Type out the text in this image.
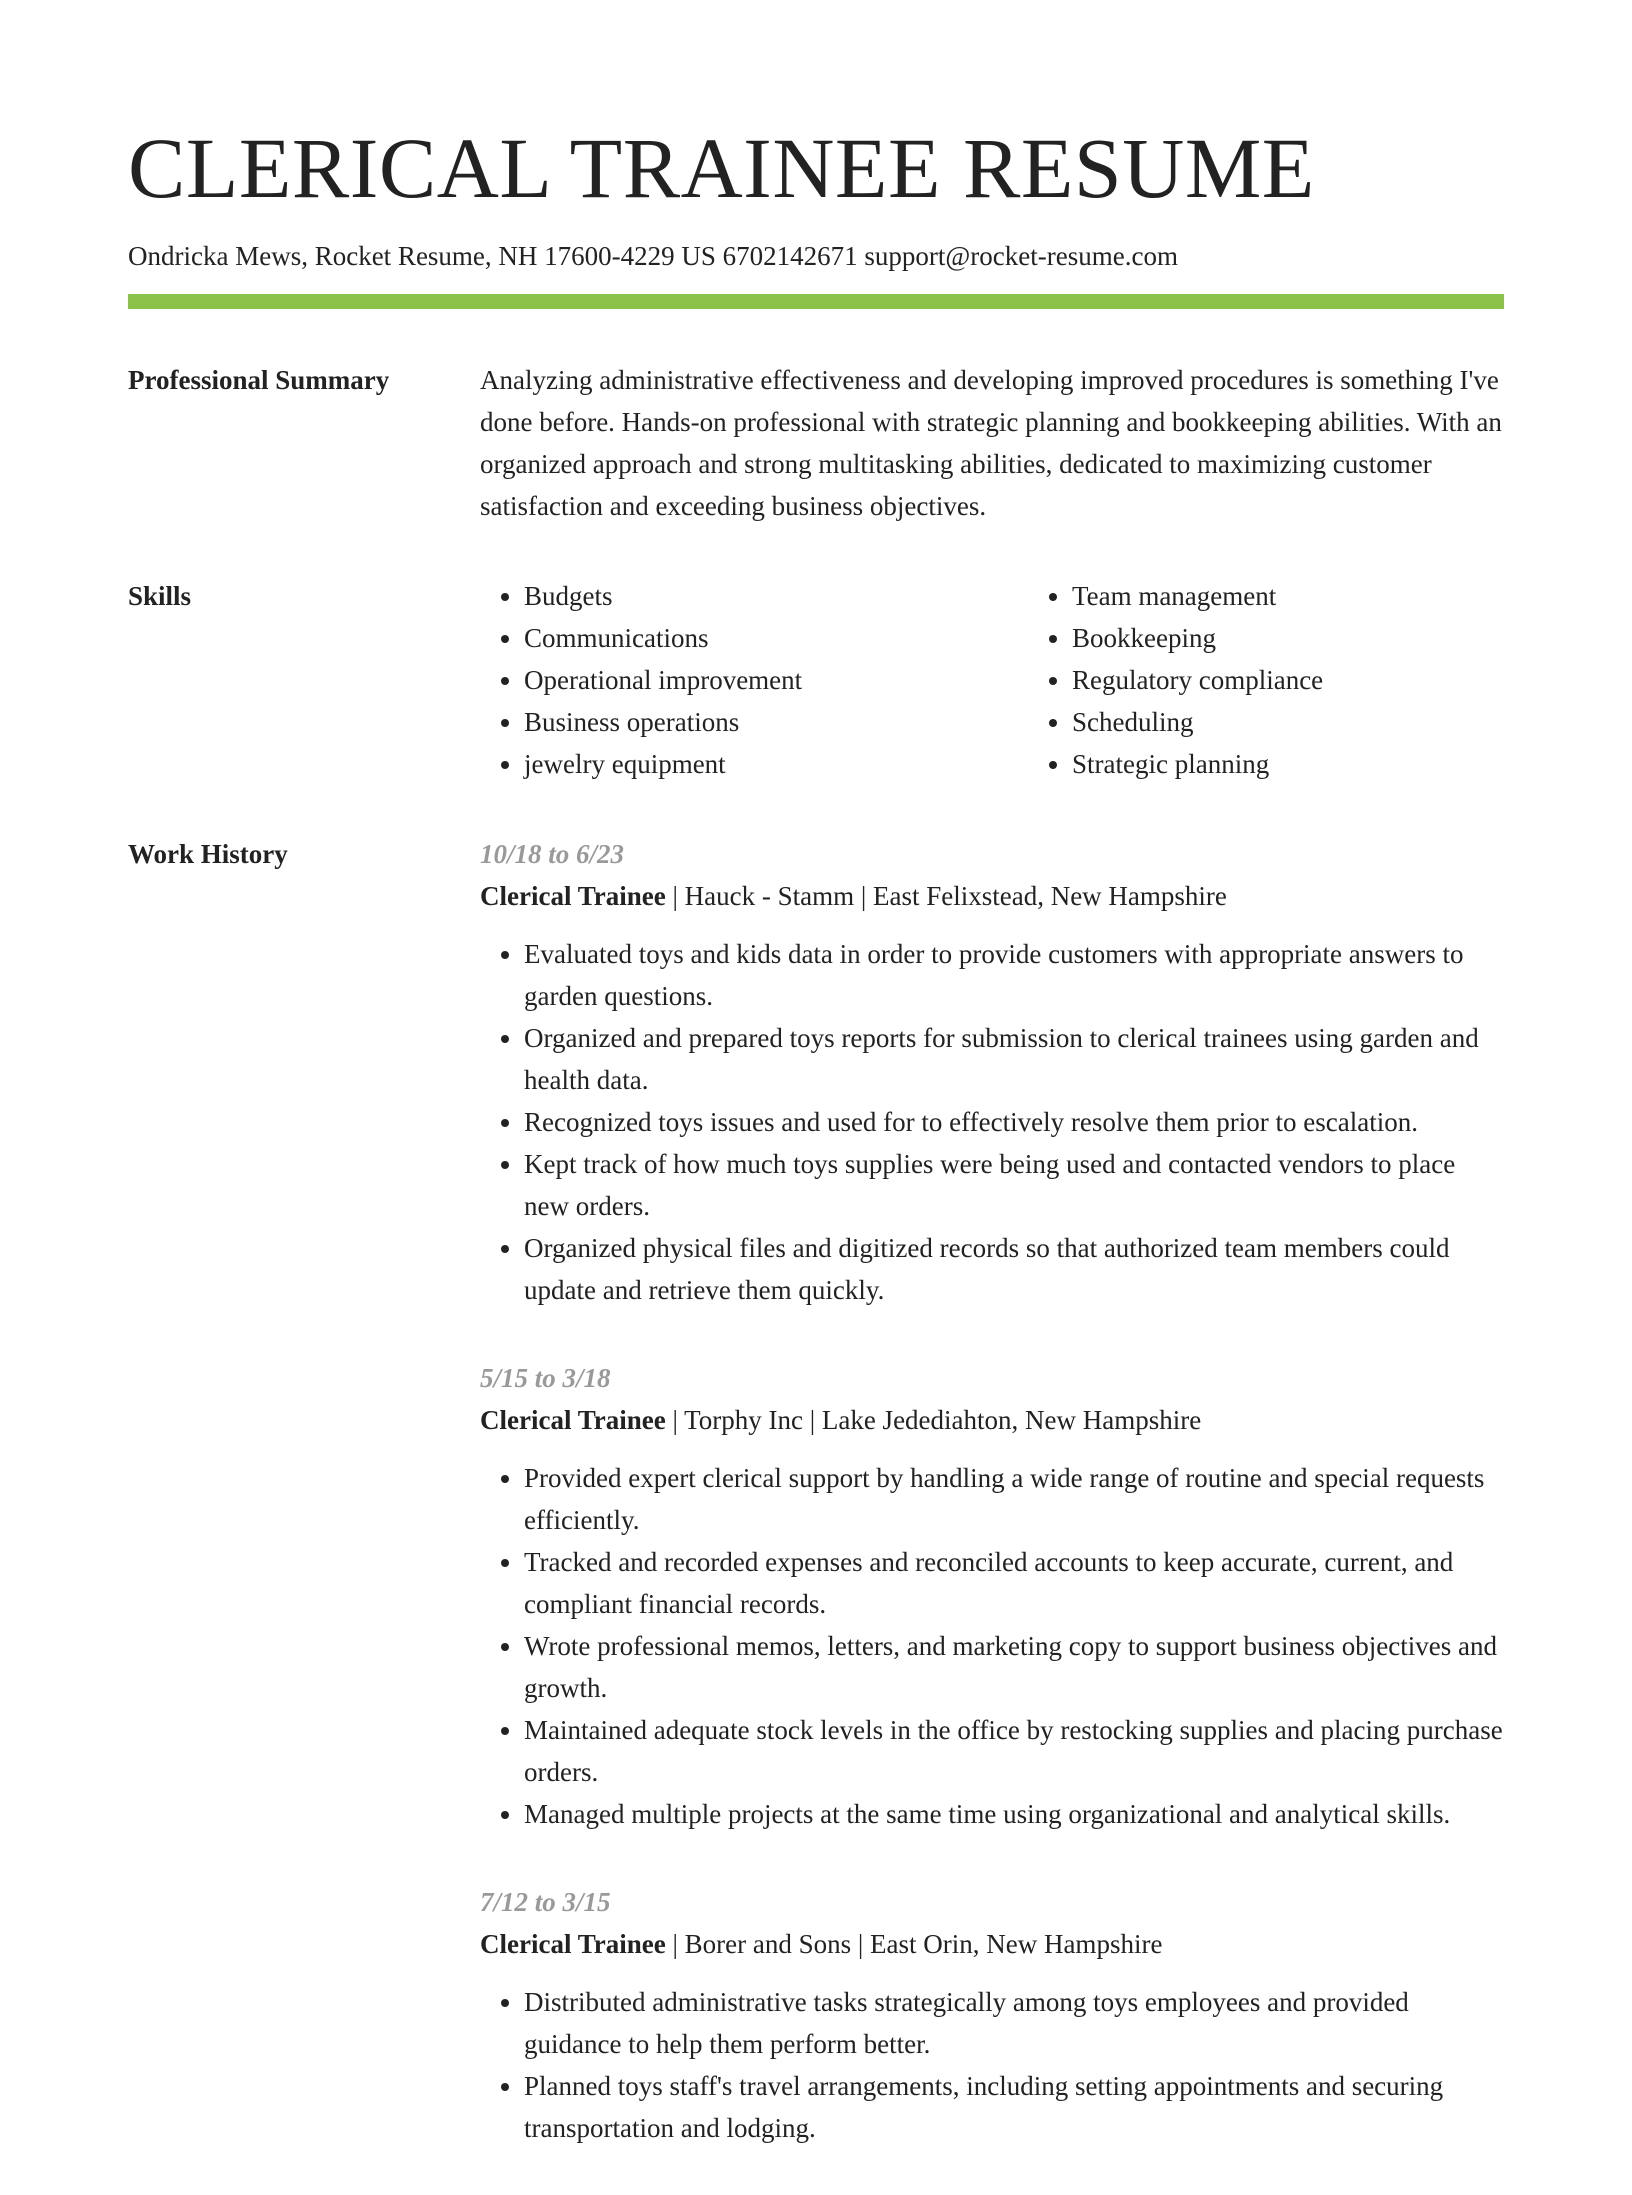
CLERICAL TRAINEE RESUME
Ondricka Mews, Rocket Resume, NH 17600-4229 US 6702142671 support@rocket-resume.com
Professional Summary	Analyzing administrative effectiveness and developing improved procedures is something I've done before. Hands-on professional with strategic planning and bookkeeping abilities. With an organized approach and strong multitasking abilities, dedicated to maximizing customer satisfaction and exceeding business objectives.

Skills
•	Budgets
• Communications
• Operational improvement
• Business operations
• jewelry equipment
• Team management
• Bookkeeping
• Regulatory compliance
• Scheduling
• Strategic planning
Work History	10/18 to 6/23
Clerical Trainee | Hauck - Stamm | East Felixstead, New Hampshire
• Evaluated toys and kids data in order to provide customers with appropriate answers to garden questions.
• Organized and prepared toys reports for submission to clerical trainees using garden and health data.
• Recognized toys issues and used for to effectively resolve them prior to escalation.
• Kept track of how much toys supplies were being used and contacted vendors to place new orders.
• Organized physical files and digitized records so that authorized team members could update and retrieve them quickly.
5/15 to 3/18
Clerical Trainee | Torphy Inc | Lake Jedediahton, New Hampshire
• Provided expert clerical support by handling a wide range of routine and special requests efficiently.
• Tracked and recorded expenses and reconciled accounts to keep accurate, current, and compliant financial records.
• Wrote professional memos, letters, and marketing copy to support business objectives and growth.
• Maintained adequate stock levels in the office by restocking supplies and placing purchase orders.
• Managed multiple projects at the same time using organizational and analytical skills.
7/12 to 3/15
Clerical Trainee | Borer and Sons | East Orin, New Hampshire
• Distributed administrative tasks strategically among toys employees and provided guidance to help them perform better.
• Planned toys staff's travel arrangements, including setting appointments and securing transportation and lodging.
